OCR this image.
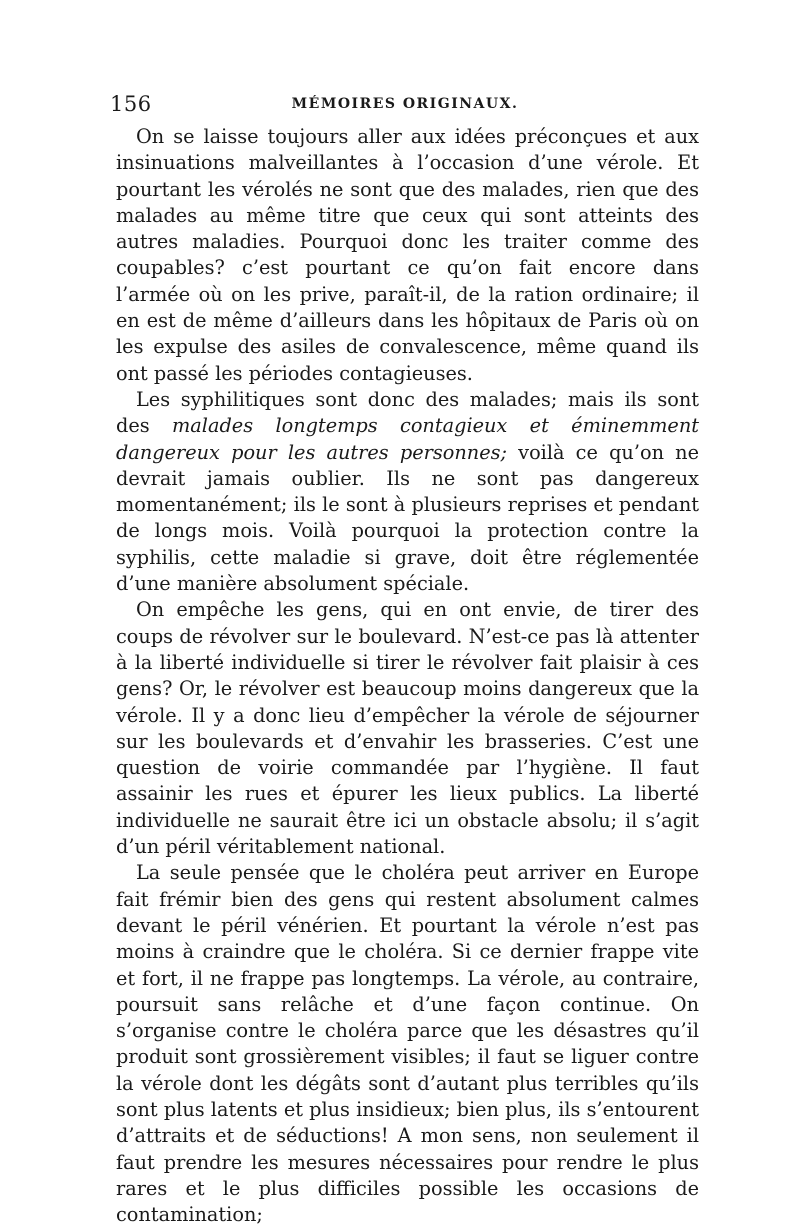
156	MÉMOIRES ORIGINAUX.

On se laisse toujours aller aux idées préconçues et aux insinuations malveillantes à l’occasion d’une vérole. Et pourtant les vérolés ne sont que des malades, rien que des malades au même titre que ceux qui sont atteints des autres maladies. Pourquoi donc les traiter comme des coupables? c’est pourtant ce qu’on fait encore dans l’armée où on les prive, paraît-il, de la ration ordinaire; il en est de même d’ailleurs dans les hôpitaux de Paris où on les expulse des asiles de convalescence, même quand ils ont passé les périodes contagieuses.

Les syphilitiques sont donc des malades; mais ils sont des malades longtemps contagieux et éminemment dangereux pour les autres personnes; voilà ce qu’on ne devrait jamais oublier. Ils ne sont pas dangereux momentanément; ils le sont à plusieurs reprises et pendant de longs mois. Voilà pourquoi la protection contre la syphilis, cette maladie si grave, doit être réglementée d’une manière absolument spéciale.

On empêche les gens, qui en ont envie, de tirer des coups de révolver sur le boulevard. N’est-ce pas là attenter à la liberté individuelle si tirer le révolver fait plaisir à ces gens? Or, le révolver est beaucoup moins dangereux que la vérole. Il y a donc lieu d’empêcher la vérole de séjourner sur les boulevards et d’envahir les brasseries. C’est une question de voirie commandée par l’hygiène. Il faut assainir les rues et épurer les lieux publics. La liberté individuelle ne saurait être ici un obstacle absolu; il s’agit d’un péril véritablement national.

La seule pensée que le choléra peut arriver en Europe fait frémir bien des gens qui restent absolument calmes devant le péril vénérien. Et pourtant la vérole n’est pas moins à craindre que le choléra. Si ce dernier frappe vite et fort, il ne frappe pas longtemps. La vérole, au contraire, poursuit sans relâche et d’une façon continue. On s’organise contre le choléra parce que les désastres qu’il produit sont grossièrement visibles; il faut se liguer contre la vérole dont les dégâts sont d’autant plus terribles qu’ils sont plus latents et plus insidieux; bien plus, ils s’entourent d’attraits et de séductions! A mon sens, non seulement il faut prendre les mesures nécessaires pour rendre le plus rares et le plus difficiles possible les occasions de contamination;
